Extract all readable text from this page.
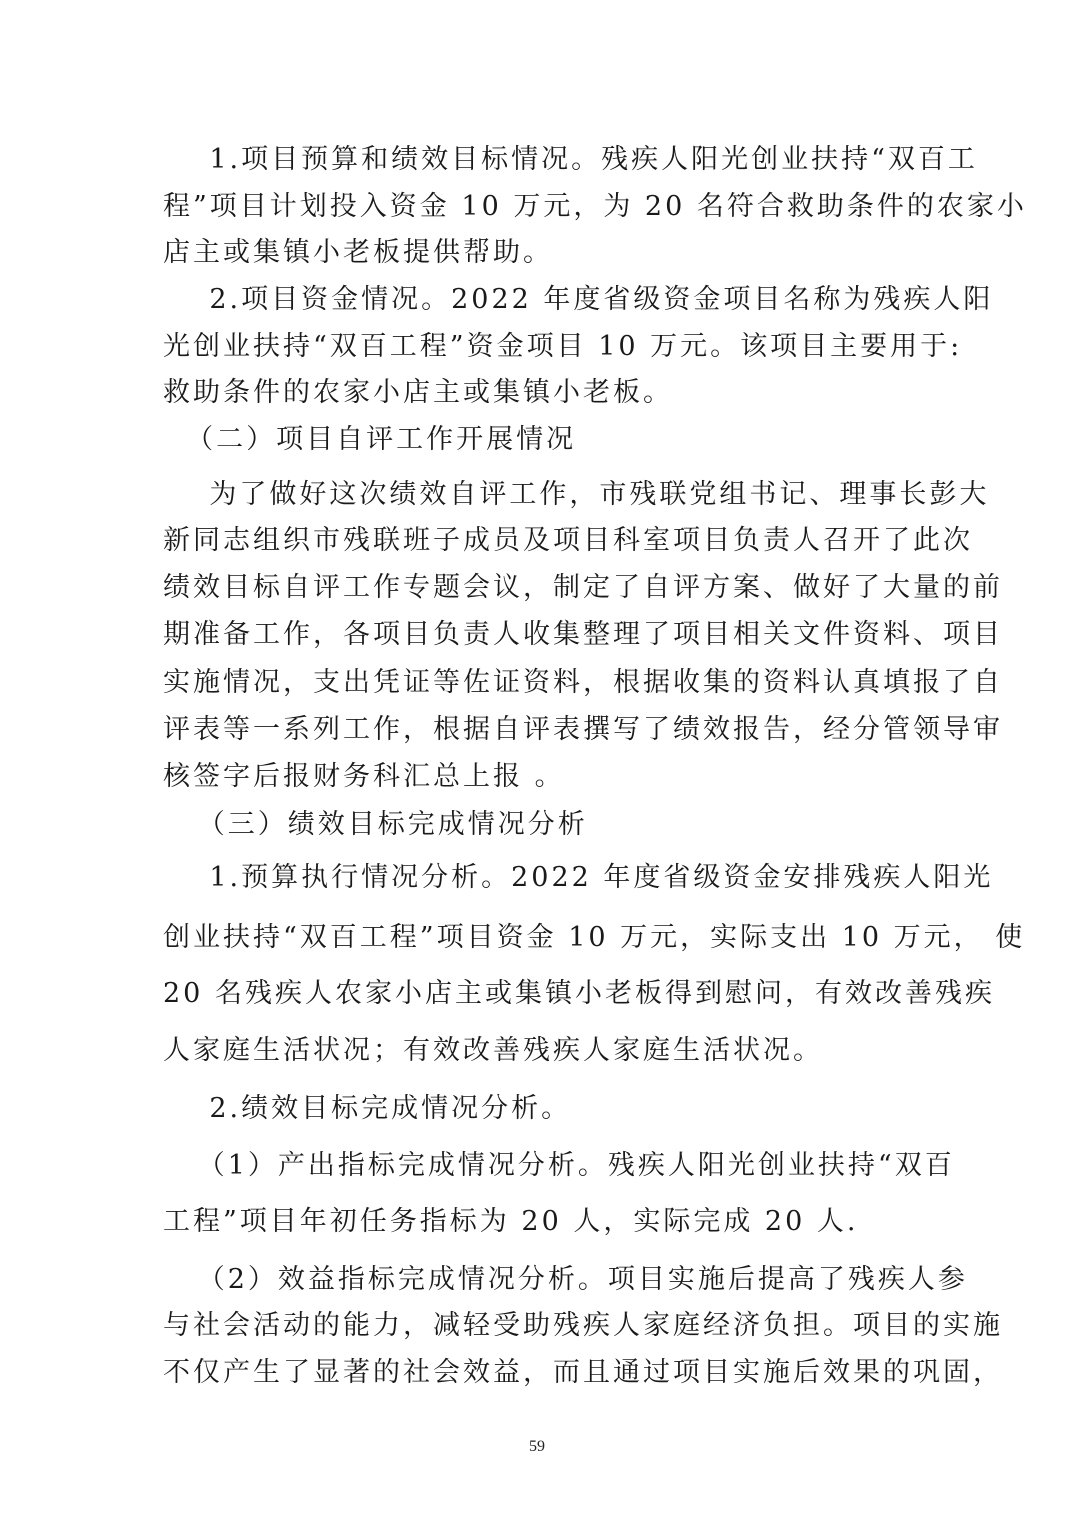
1.项目预算和绩效目标情况。残疾人阳光创业扶持“双百工
程”项目计划投入资金 10 万元，为 20 名符合救助条件的农家小
店主或集镇小老板提供帮助。
2.项目资金情况。2022 年度省级资金项目名称为残疾人阳
光创业扶持“双百工程”资金项目 10 万元。该项目主要用于:
救助条件的农家小店主或集镇小老板。
（二）项目自评工作开展情况
为了做好这次绩效自评工作，市残联党组书记、理事长彭大
新同志组织市残联班子成员及项目科室项目负责人召开了此次
绩效目标自评工作专题会议，制定了自评方案、做好了大量的前
期准备工作，各项目负责人收集整理了项目相关文件资料、项目
实施情况，支出凭证等佐证资料，根据收集的资料认真填报了自
评表等一系列工作，根据自评表撰写了绩效报告，经分管领导审
核签字后报财务科汇总上报 。
（三）绩效目标完成情况分析
1.预算执行情况分析。2022 年度省级资金安排残疾人阳光
创业扶持“双百工程”项目资金 10 万元，实际支出 10 万元， 使
20 名残疾人农家小店主或集镇小老板得到慰问，有效改善残疾
人家庭生活状况；有效改善残疾人家庭生活状况。
2.绩效目标完成情况分析。
（1）产出指标完成情况分析。残疾人阳光创业扶持“双百
工程”项目年初任务指标为 20 人，实际完成 20 人.
（2）效益指标完成情况分析。项目实施后提高了残疾人参
与社会活动的能力，减轻受助残疾人家庭经济负担。项目的实施
不仅产生了显著的社会效益，而且通过项目实施后效果的巩固，
59
